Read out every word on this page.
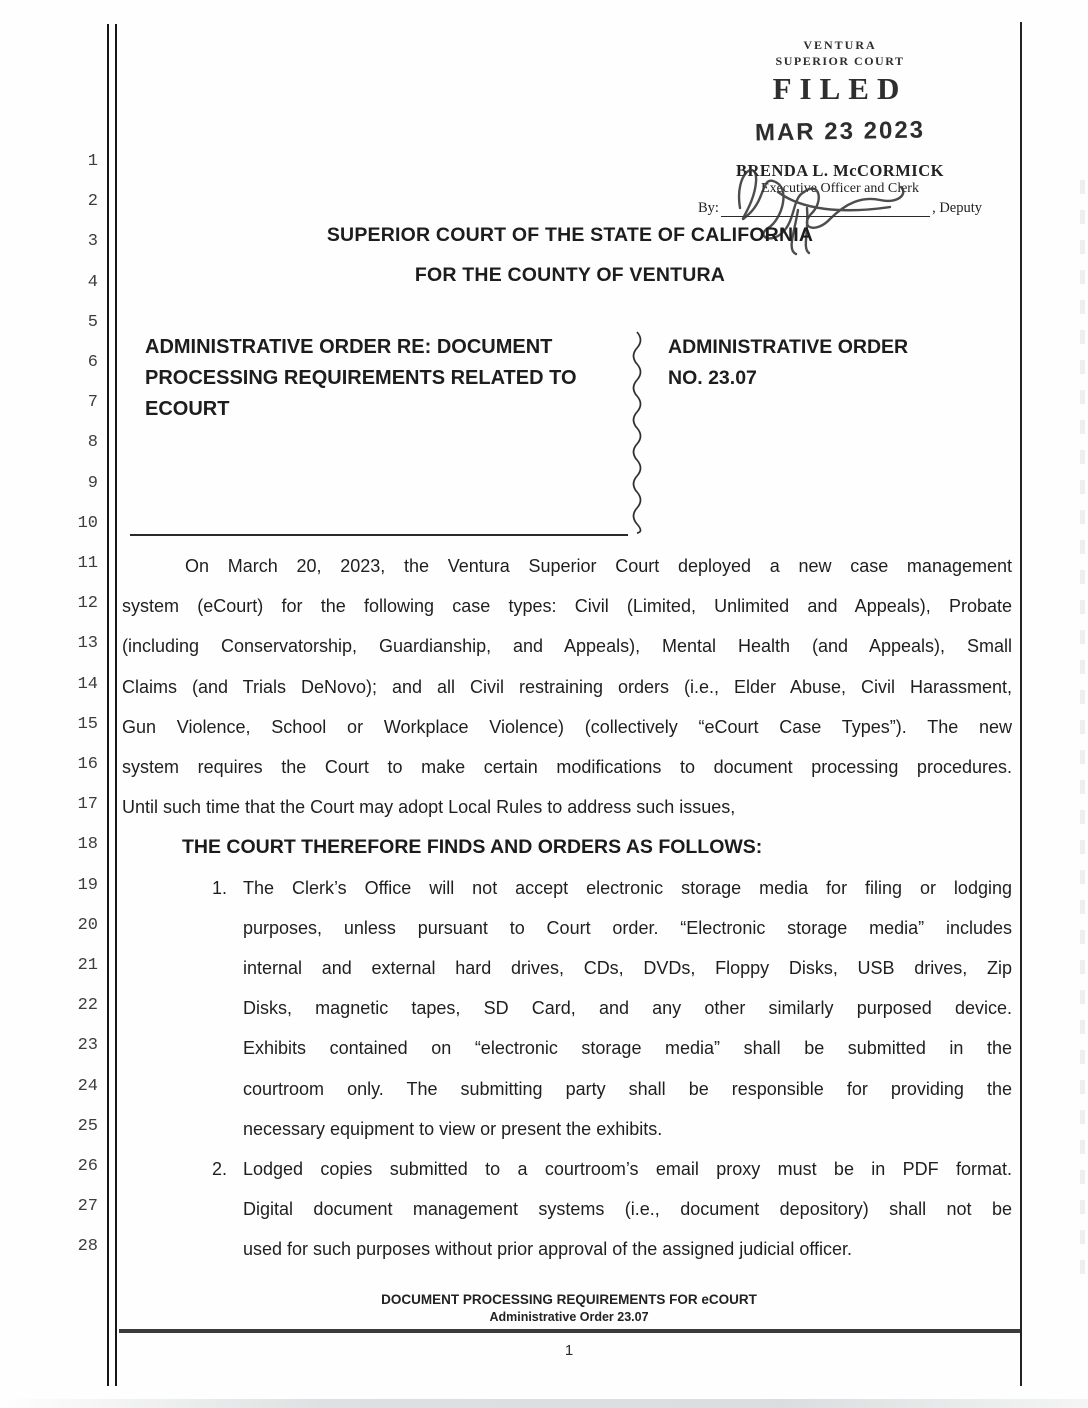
1
2
3
4
5
6
7
8
9
10
11
12
13
14
15
16
17
18
19
20
21
22
23
24
25
26
27
28
VENTURA
SUPERIOR COURT
FILED
MAR 23 2023
BRENDA L. McCORMICK
Executive Officer and Clerk
By:	, Deputy
SUPERIOR COURT OF THE STATE OF CALIFORNIA
FOR THE COUNTY OF VENTURA
ADMINISTRATIVE ORDER RE: DOCUMENT
PROCESSING REQUIREMENTS RELATED TO
ECOURT
ADMINISTRATIVE ORDER
NO. 23.07
On March 20, 2023, the Ventura Superior Court deployed a new case management
system (eCourt) for the following case types: Civil (Limited, Unlimited and Appeals), Probate
(including Conservatorship, Guardianship, and Appeals), Mental Health (and Appeals), Small
Claims (and Trials DeNovo); and all Civil restraining orders (i.e., Elder Abuse, Civil Harassment,
Gun Violence, School or Workplace Violence) (collectively “eCourt Case Types”). The new
system requires the Court to make certain modifications to document processing procedures.
Until such time that the Court may adopt Local Rules to address such issues,
THE COURT THEREFORE FINDS AND ORDERS AS FOLLOWS:
1. The Clerk’s Office will not accept electronic storage media for filing or lodging
purposes, unless pursuant to Court order. “Electronic storage media” includes
internal and external hard drives, CDs, DVDs, Floppy Disks, USB drives, Zip
Disks, magnetic tapes, SD Card, and any other similarly purposed device.
Exhibits contained on “electronic storage media” shall be submitted in the
courtroom only. The submitting party shall be responsible for providing the
necessary equipment to view or present the exhibits.
2. Lodged copies submitted to a courtroom’s email proxy must be in PDF format.
Digital document management systems (i.e., document depository) shall not be
used for such purposes without prior approval of the assigned judicial officer.
DOCUMENT PROCESSING REQUIREMENTS FOR eCOURT
Administrative Order 23.07
1
